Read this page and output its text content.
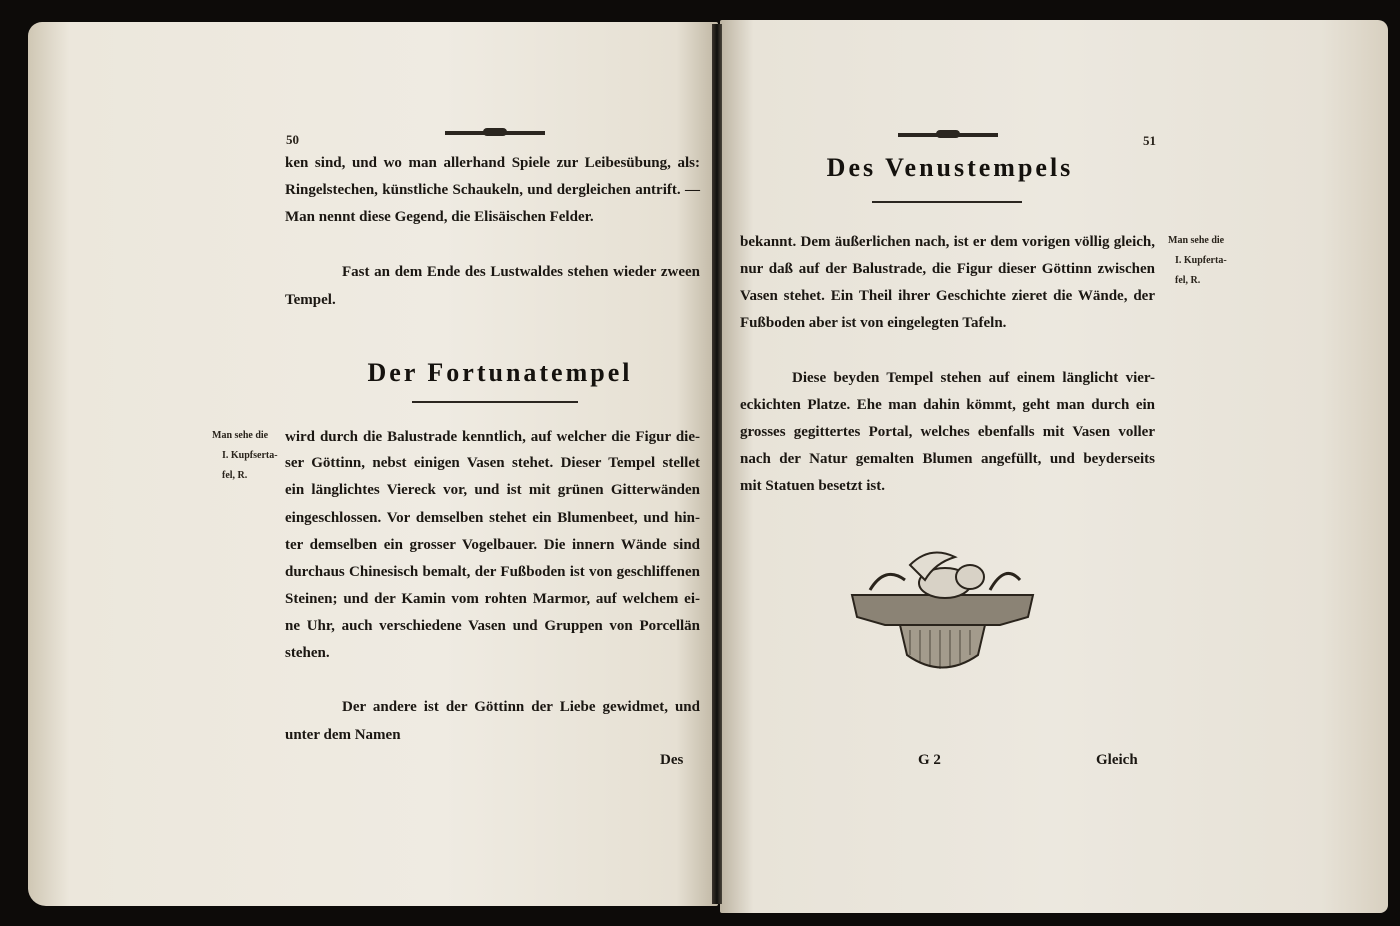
50
ken sind, und wo man allerhand Spiele zur Leibesübung, als:
Ringelstechen, künstliche Schaukeln, und dergleichen antrift. —
Man nennt diese Gegend, die Elisäischen Felder.
Fast an dem Ende des Lustwaldes stehen wieder zween
Tempel.
Der Fortunatempel
Man sehe die
I. Kupfserta-
fel, R.
wird durch die Balustrade kenntlich, auf welcher die Figur die-
ser Göttinn, nebst einigen Vasen stehet. Dieser Tempel stellet
ein länglichtes Viereck vor, und ist mit grünen Gitterwänden
eingeschlossen. Vor demselben stehet ein Blumenbeet, und hin-
ter demselben ein grosser Vogelbauer. Die innern Wände sind
durchaus Chinesisch bemalt, der Fußboden ist von geschliffenen
Steinen; und der Kamin vom rohten Marmor, auf welchem ei-
ne Uhr, auch verschiedene Vasen und Gruppen von Porcellän
stehen.
Der andere ist der Göttinn der Liebe gewidmet, und
unter dem Namen
Des
51
Des Venustempels
bekannt. Dem äußerlichen nach, ist er dem vorigen völlig gleich,
nur daß auf der Balustrade, die Figur dieser Göttinn zwischen
Vasen stehet. Ein Theil ihrer Geschichte zieret die Wände, der
Fußboden aber ist von eingelegten Tafeln.
Man sehe die
I. Kupferta-
fel, R.
Diese beyden Tempel stehen auf einem länglicht vier-
eckichten Platze. Ehe man dahin kömmt, geht man durch ein
grosses gegittertes Portal, welches ebenfalls mit Vasen voller
nach der Natur gemalten Blumen angefüllt, und beyderseits
mit Statuen besetzt ist.
G 2	Gleich
